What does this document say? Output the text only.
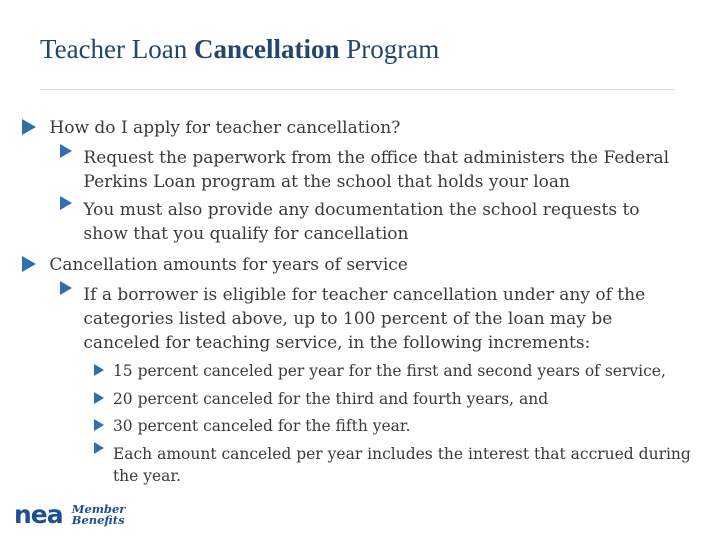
Teacher Loan Cancellation Program
How do I apply for teacher cancellation?
Request the paperwork from the office that administers the Federal
Perkins Loan program at the school that holds your loan
You must also provide any documentation the school requests to
show that you qualify for cancellation
Cancellation amounts for years of service
If a borrower is eligible for teacher cancellation under any of the
categories listed above, up to 100 percent of the loan may be
canceled for teaching service, in the following increments:
15 percent canceled per year for the first and second years of service,
20 percent canceled for the third and fourth years, and
30 percent canceled for the fifth year.
Each amount canceled per year includes the interest that accrued during
the year.
nea Member
Benefits
